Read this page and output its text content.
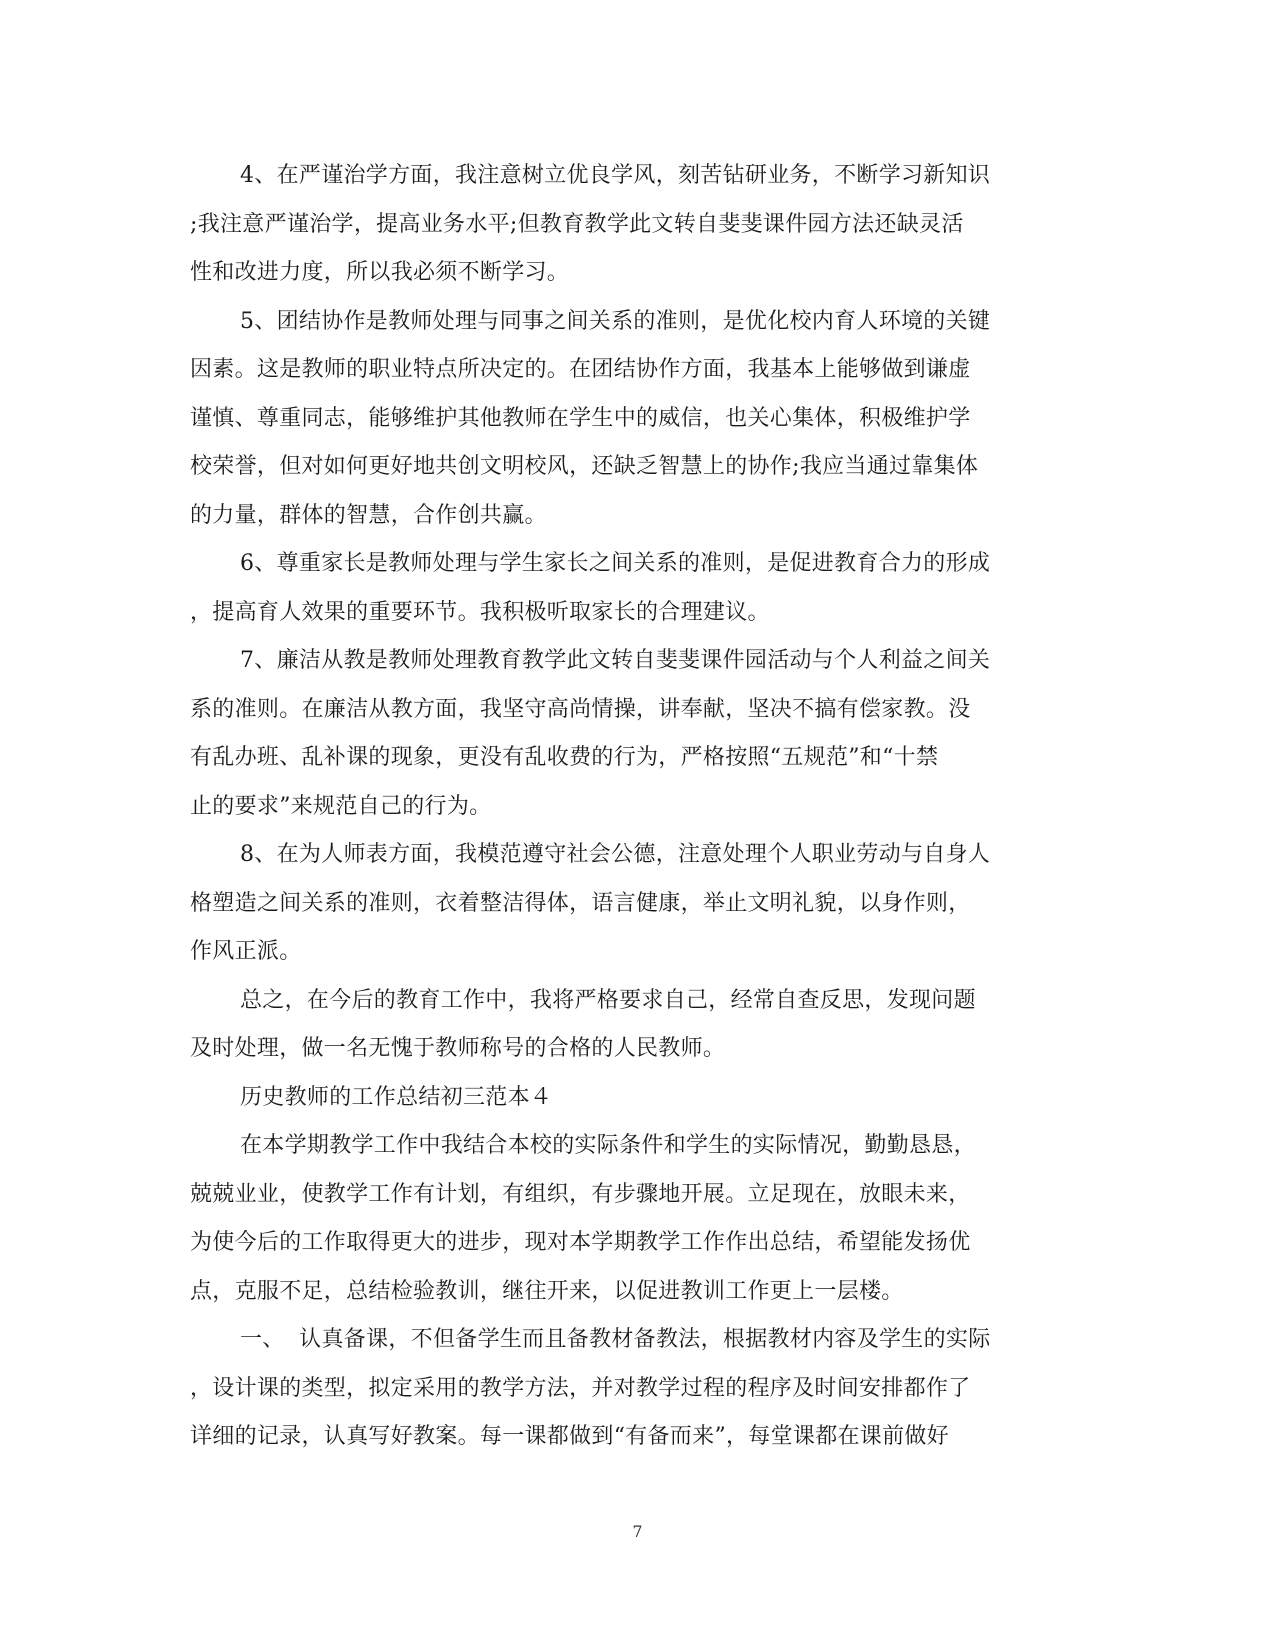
4、在严谨治学方面，我注意树立优良学风，刻苦钻研业务，不断学习新知识
;我注意严谨治学，提高业务水平;但教育教学此文转自斐斐课件园方法还缺灵活
性和改进力度，所以我必须不断学习。
5、团结协作是教师处理与同事之间关系的准则，是优化校内育人环境的关键
因素。这是教师的职业特点所决定的。在团结协作方面，我基本上能够做到谦虚
谨慎、尊重同志，能够维护其他教师在学生中的威信，也关心集体，积极维护学
校荣誉，但对如何更好地共创文明校风，还缺乏智慧上的协作;我应当通过靠集体
的力量，群体的智慧，合作创共赢。
6、尊重家长是教师处理与学生家长之间关系的准则，是促进教育合力的形成
，提高育人效果的重要环节。我积极听取家长的合理建议。
7、廉洁从教是教师处理教育教学此文转自斐斐课件园活动与个人利益之间关
系的准则。在廉洁从教方面，我坚守高尚情操，讲奉献，坚决不搞有偿家教。没
有乱办班、乱补课的现象，更没有乱收费的行为，严格按照“五规范”和“十禁
止的要求”来规范自己的行为。
8、在为人师表方面，我模范遵守社会公德，注意处理个人职业劳动与自身人
格塑造之间关系的准则，衣着整洁得体，语言健康，举止文明礼貌，以身作则，
作风正派。
总之，在今后的教育工作中，我将严格要求自己，经常自查反思，发现问题
及时处理，做一名无愧于教师称号的合格的人民教师。
历史教师的工作总结初三范本４
在本学期教学工作中我结合本校的实际条件和学生的实际情况，勤勤恳恳，
兢兢业业，使教学工作有计划，有组织，有步骤地开展。立足现在，放眼未来，
为使今后的工作取得更大的进步，现对本学期教学工作作出总结，希望能发扬优
点，克服不足，总结检验教训，继往开来，以促进教训工作更上一层楼。
一、  认真备课，不但备学生而且备教材备教法，根据教材内容及学生的实际
，设计课的类型，拟定采用的教学方法，并对教学过程的程序及时间安排都作了
详细的记录，认真写好教案。每一课都做到“有备而来”，每堂课都在课前做好
7
